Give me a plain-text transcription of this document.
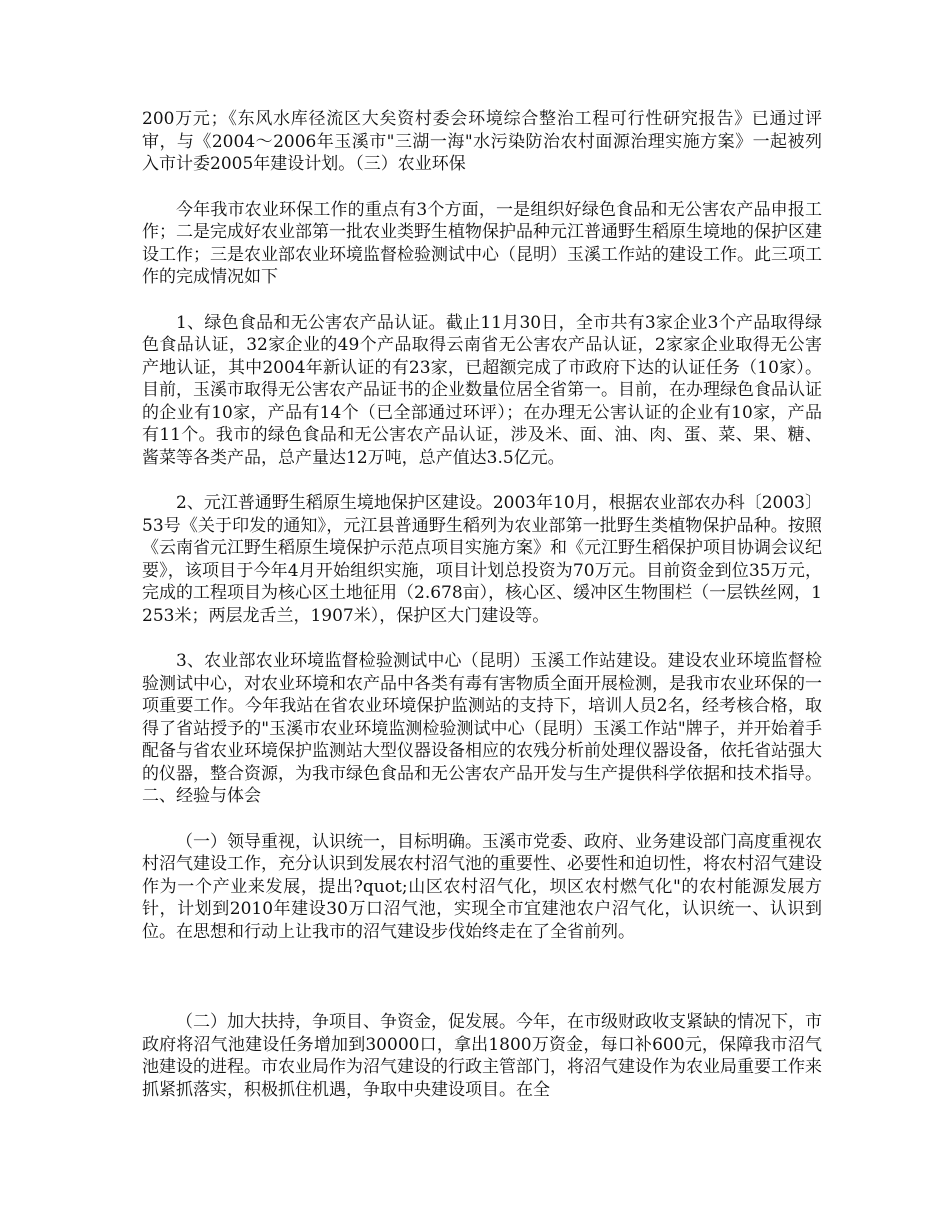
200万元；《东风水库径流区大矣资村委会环境综合整治工程可行性研究报告》已通过评审，与《2004～2006年玉溪市"三湖一海"水污染防治农村面源治理实施方案》一起被列入市计委2005年建设计划。（三）农业环保

今年我市农业环保工作的重点有3个方面，一是组织好绿色食品和无公害农产品申报工作；二是完成好农业部第一批农业类野生植物保护品种元江普通野生稻原生境地的保护区建设工作；三是农业部农业环境监督检验测试中心（昆明）玉溪工作站的建设工作。此三项工作的完成情况如下

1、绿色食品和无公害农产品认证。截止11月30日，全市共有3家企业3个产品取得绿色食品认证，32家企业的49个产品取得云南省无公害农产品认证，2家家企业取得无公害产地认证，其中2004年新认证的有23家，已超额完成了市政府下达的认证任务（10家）。目前，玉溪市取得无公害农产品证书的企业数量位居全省第一。目前，在办理绿色食品认证的企业有10家，产品有14个（已全部通过环评）；在办理无公害认证的企业有10家，产品有11个。我市的绿色食品和无公害农产品认证，涉及米、面、油、肉、蛋、菜、果、糖、酱菜等各类产品，总产量达12万吨，总产值达3.5亿元。

2、元江普通野生稻原生境地保护区建设。2003年10月，根据农业部农办科〔2003〕53号《关于印发的通知》，元江县普通野生稻列为农业部第一批野生类植物保护品种。按照《云南省元江野生稻原生境保护示范点项目实施方案》和《元江野生稻保护项目协调会议纪要》，该项目于今年4月开始组织实施，项目计划总投资为70万元。目前资金到位35万元，完成的工程项目为核心区土地征用（2.678亩），核心区、缓冲区生物围栏（一层铁丝网，1253米；两层龙舌兰，1907米），保护区大门建设等。

3、农业部农业环境监督检验测试中心（昆明）玉溪工作站建设。建设农业环境监督检验测试中心，对农业环境和农产品中各类有毒有害物质全面开展检测，是我市农业环保的一项重要工作。今年我站在省农业环境保护监测站的支持下，培训人员2名，经考核合格，取得了省站授予的"玉溪市农业环境监测检验测试中心（昆明）玉溪工作站"牌子，并开始着手配备与省农业环境保护监测站大型仪器设备相应的农残分析前处理仪器设备，依托省站强大的仪器，整合资源，为我市绿色食品和无公害农产品开发与生产提供科学依据和技术指导。二、经验与体会

（一）领导重视，认识统一，目标明确。玉溪市党委、政府、业务建设部门高度重视农村沼气建设工作，充分认识到发展农村沼气池的重要性、必要性和迫切性，将农村沼气建设作为一个产业来发展，提出?quot;山区农村沼气化，坝区农村燃气化"的农村能源发展方针，计划到2010年建设30万口沼气池，实现全市宜建池农户沼气化，认识统一、认识到位。在思想和行动上让我市的沼气建设步伐始终走在了全省前列。

（二）加大扶持，争项目、争资金，促发展。今年，在市级财政收支紧缺的情况下，市政府将沼气池建设任务增加到30000口，拿出1800万资金，每口补600元，保障我市沼气池建设的进程。市农业局作为沼气建设的行政主管部门，将沼气建设作为农业局重要工作来抓紧抓落实，积极抓住机遇，争取中央建设项目。在全
